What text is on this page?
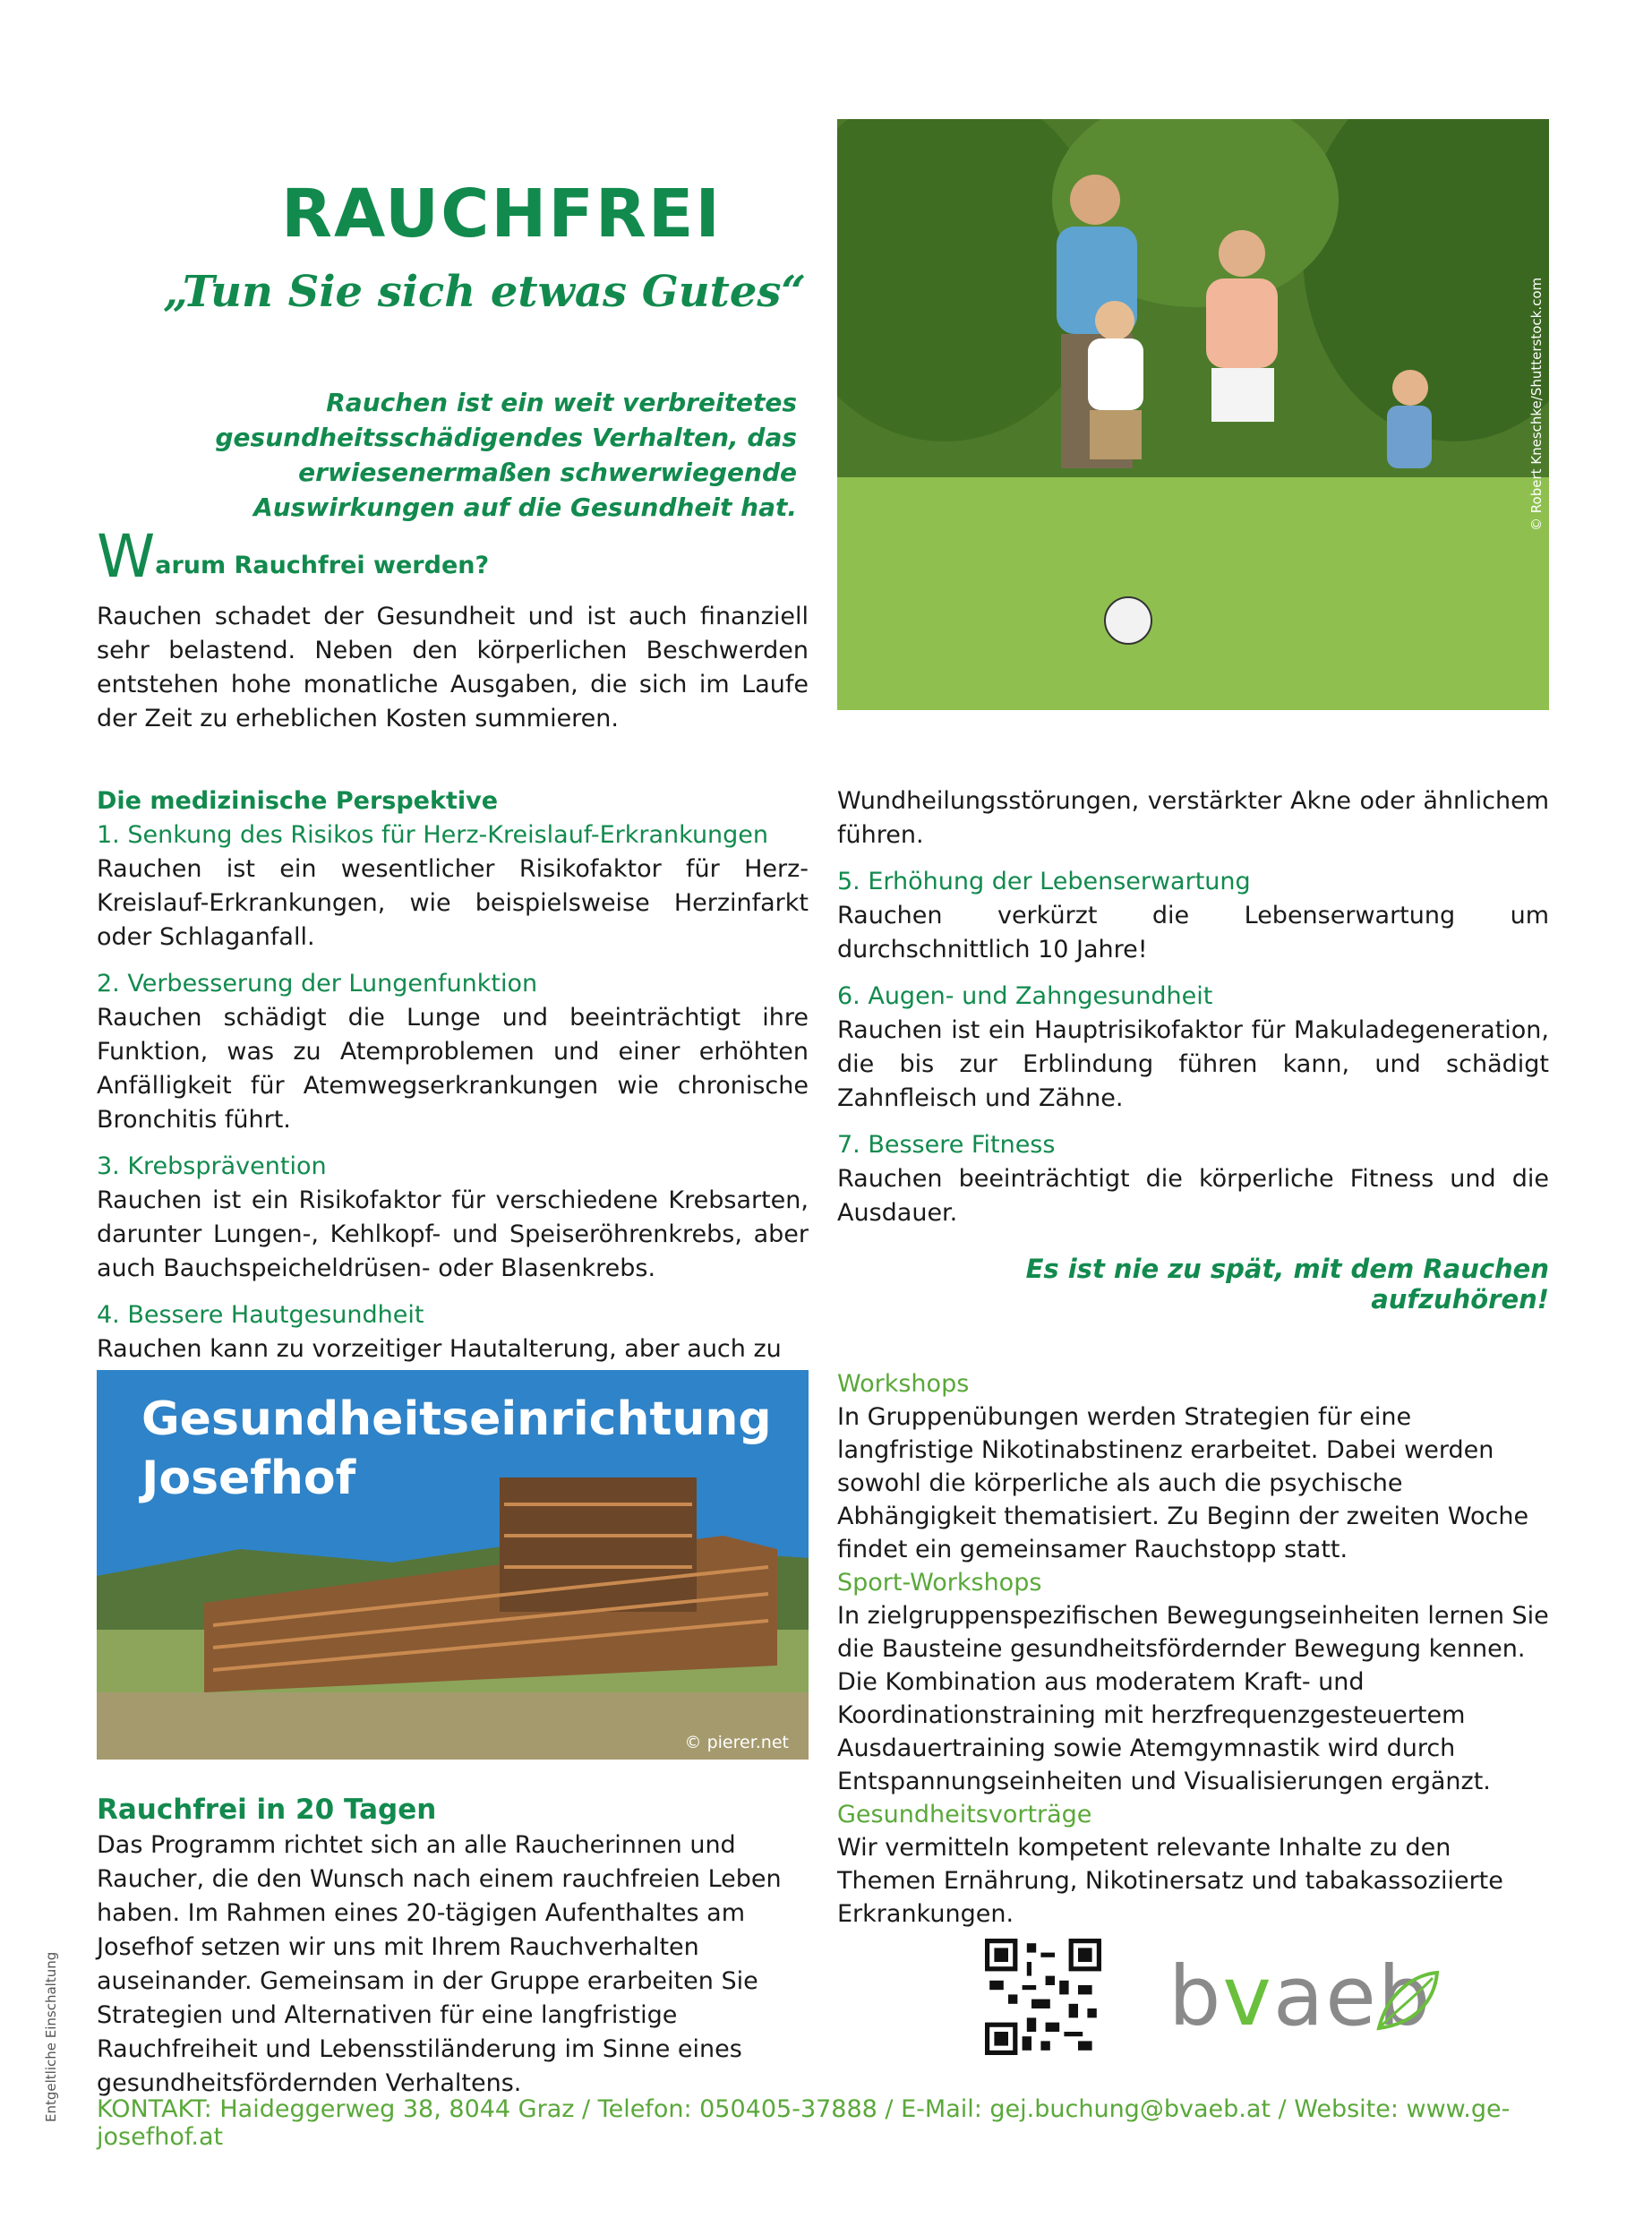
RAUCHFREI
„Tun Sie sich etwas Gutes“
Rauchen ist ein weit verbreitetes gesundheitsschädigendes Verhalten, das erwiesenermaßen schwerwiegende Auswirkungen auf die Gesundheit hat.
Warum Rauchfrei werden?
Rauchen schadet der Gesundheit und ist auch finanziell sehr belastend. Neben den körperlichen Beschwerden entstehen hohe monatliche Ausgaben, die sich im Laufe der Zeit zu erheblichen Kosten summieren.
© Robert Kneschke/Shutterstock.com
Die medizinische Perspektive

1. Senkung des Risikos für Herz-Kreislauf-Erkrankungen
Rauchen ist ein wesentlicher Risikofaktor für Herz-Kreislauf-Erkrankungen, wie beispielsweise Herzinfarkt oder Schlaganfall.

2. Verbesserung der Lungenfunktion
Rauchen schädigt die Lunge und beeinträchtigt ihre Funktion, was zu Atemproblemen und einer erhöhten Anfälligkeit für Atemwegserkrankungen wie chronische Bronchitis führt.

3. Krebsprävention
Rauchen ist ein Risikofaktor für verschiedene Krebsarten, darunter Lungen-, Kehlkopf- und Speiseröhrenkrebs, aber auch Bauchspeicheldrüsen- oder Blasenkrebs.

4. Bessere Hautgesundheit
Rauchen kann zu vorzeitiger Hautalterung, aber auch zu

Wundheilungsstörungen, verstärkter Akne oder ähnlichem führen.

5. Erhöhung der Lebenserwartung
Rauchen verkürzt die Lebenserwartung um durchschnittlich 10 Jahre!

6. Augen- und Zahngesundheit
Rauchen ist ein Hauptrisikofaktor für Makuladegeneration, die bis zur Erblindung führen kann, und schädigt Zahnfleisch und Zähne.

7. Bessere Fitness
Rauchen beeinträchtigt die körperliche Fitness und die Ausdauer.

Es ist nie zu spät, mit dem Rauchen aufzuhören!
Gesundheitseinrichtung
Josefhof
© pierer.net
Rauchfrei in 20 Tagen
Das Programm richtet sich an alle Raucherinnen und Raucher, die den Wunsch nach einem rauchfreien Leben haben. Im Rahmen eines 20-tägigen Aufenthaltes am Josefhof setzen wir uns mit Ihrem Rauchverhalten auseinander. Gemeinsam in der Gruppe erarbeiten Sie Strategien und Alternativen für eine langfristige Rauchfreiheit und Lebensstiländerung im Sinne eines gesundheitsfördernden Verhaltens.
Workshops
In Gruppenübungen werden Strategien für eine langfristige Nikotinabstinenz erarbeitet. Dabei werden sowohl die körperliche als auch die psychische Abhängigkeit thematisiert. Zu Beginn der zweiten Woche findet ein gemeinsamer Rauchstopp statt.
Sport-Workshops
In zielgruppenspezifischen Bewegungseinheiten lernen Sie die Bausteine gesundheitsfördernder Bewegung kennen. Die Kombination aus moderatem Kraft- und Koordinationstraining mit herzfrequenzgesteuertem Ausdauertraining sowie Atemgymnastik wird durch Entspannungseinheiten und Visualisierungen ergänzt.
Gesundheitsvorträge
Wir vermitteln kompetent relevante Inhalte zu den Themen Ernährung, Nikotinersatz und tabakassoziierte Erkrankungen.
bvaeb
KONTAKT: Haideggerweg 38, 8044 Graz / Telefon: 050405-37888 / E-Mail: gej.buchung@bvaeb.at / Website: www.ge-josefhof.at
Entgeltliche Einschaltung
